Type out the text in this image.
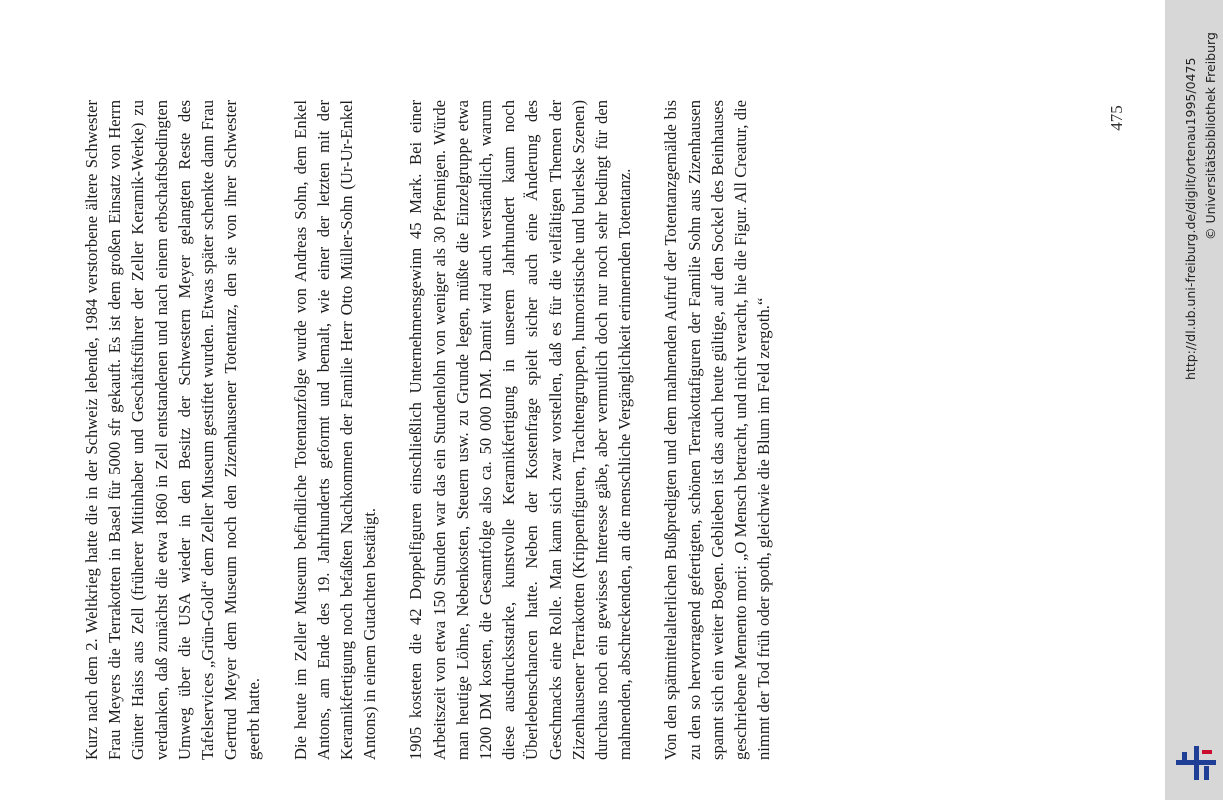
Kurz nach dem 2. Weltkrieg hatte die in der Schweiz lebende, 1984 verstorbene ältere Schwester Frau Meyers die Terrakotten in Basel für 5000 sfr gekauft. Es ist dem großen Einsatz von Herrn Günter Haiss aus Zell (früherer Mitinhaber und Geschäftsführer der Zeller Keramik-Werke) zu verdanken, daß zunächst die etwa 1860 in Zell entstandenen und nach einem erbschaftsbedingten Umweg über die USA wieder in den Besitz der Schwestern Meyer gelangten Reste des Tafelservices „Grün-Gold“ dem Zeller Museum gestiftet wurden. Etwas später schenkte dann Frau Gertrud Meyer dem Museum noch den Zizenhausener Totentanz, den sie von ihrer Schwester geerbt hatte. Die heute im Zeller Museum befindliche Totentanzfolge wurde von Andreas Sohn, dem Enkel Antons, am Ende des 19. Jahrhunderts geformt und bemalt, wie einer der letzten mit der Keramikfertigung noch befaßten Nachkommen der Familie Herr Otto Müller-Sohn (Ur-Ur-Enkel Antons) in einem Gutachten bestätigt. 1905 kosteten die 42 Doppelfiguren einschließlich Unternehmensgewinn 45 Mark. Bei einer Arbeitszeit von etwa 150 Stunden war das ein Stundenlohn von weniger als 30 Pfennigen. Würde man heutige Löhne, Nebenkosten, Steuern usw. zu Grunde legen, müßte die Einzelgruppe etwa 1200 DM kosten, die Gesamtfolge also ca. 50 000 DM. Damit wird auch verständlich, warum diese ausdrucksstarke, kunstvolle Keramikfertigung in unserem Jahrhundert kaum noch Überlebenschancen hatte. Neben der Kostenfrage spielt sicher auch eine Änderung des Geschmacks eine Rolle. Man kann sich zwar vorstellen, daß es für die vielfältigen Themen der Zizenhausener Terrakotten (Krippenfiguren, Trachtengruppen, humoristische und burleske Szenen) durchaus noch ein gewisses Interesse gäbe, aber vermutlich doch nur noch sehr bedingt für den mahnenden, abschreckenden, an die menschliche Vergänglichkeit erinnernden Totentanz. Von den spätmittelalterlichen Bußpredigten und dem mahnenden Aufruf der Totentanzgemälde bis zu den so hervorragend gefertigten, schönen Terrakottafiguren der Familie Sohn aus Zizenhausen spannt sich ein weiter Bogen. Geblieben ist das auch heute gültige, auf den Sockel des Beinhauses geschriebene Memento mori: „O Mensch betracht, und nicht veracht, hie die Figur. All Creatur, die nimmt der Tod früh oder spoth, gleichwie die Blum im Feld zergoth.“

475	http://dl.ub.uni-freiburg.de/diglit/ortenau1995/0475 © Universitätsbibliothek Freiburg
